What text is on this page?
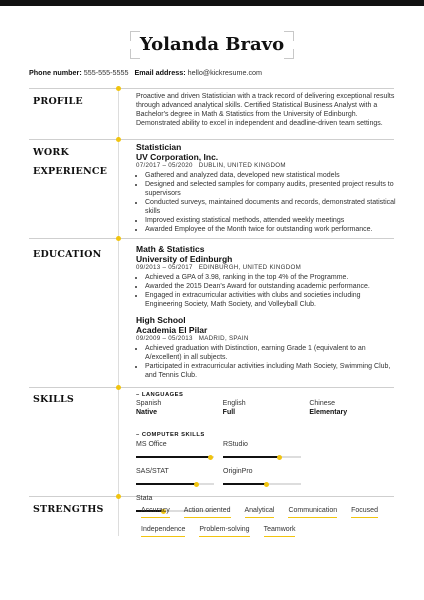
Yolanda Bravo
Phone number: 555-555-5555 Email address: hello@kickresume.com
PROFILE
WORK
EXPERIENCE
EDUCATION
SKILLS
STRENGTHS

Proactive and driven Statistician with a track record of delivering exceptional results through advanced analytical skills. Certified Statistical Business Analyst with a Bachelor's degree in Math & Statistics from the University of Edinburgh. Demonstrated ability to excel in independent and deadline-driven team settings.

Statistician
UV Corporation, Inc.
07/2017 – 05/2020 DUBLIN, UNITED KINGDOM
• Gathered and analyzed data, developed new statistical models
• Designed and selected samples for company audits, presented project results to supervisors
• Conducted surveys, maintained documents and records, demonstrated statistical skills
• Improved existing statistical methods, attended weekly meetings
• Awarded Employee of the Month twice for outstanding work performance.
Math & Statistics
University of Edinburgh
09/2013 – 05/2017 EDINBURGH, UNITED KINGDOM
• Achieved a GPA of 3.98, ranking in the top 4% of the Programme.
• Awarded the 2015 Dean's Award for outstanding academic performance.
• Engaged in extracurricular activities with clubs and societies including Engineering Society, Math Society, and Volleyball Club.
High School
Academia El Pilar
09/2009 – 05/2013 MADRID, SPAIN
• Achieved graduation with Distinction, earning Grade 1 (equivalent to an A/excellent) in all subjects.
• Participated in extracurricular activities including Math Society, Swimming Club, and Tennis Club.
– LANGUAGES
Spanish
Native
English
Full
Chinese
Elementary
– COMPUTER SKILLS
MS Office	RStudio
SAS/STAT	OriginPro
Stata
Accuracy Action oriented Analytical Communication Focused
Independence Problem-solving Teamwork
